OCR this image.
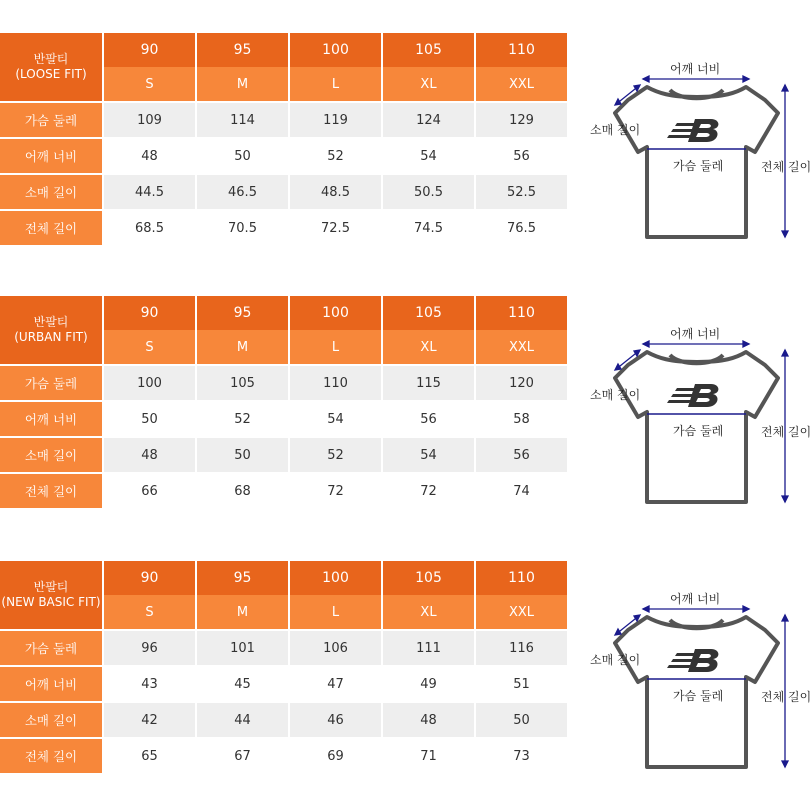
반팔티
(LOOSE FIT)	90	95	100	105	110
	S	M	L	XL	XXL

가슴 둘레	109	114	119	124	129

어깨 너비	48	50	52	54	56

소매 길이	44.5	46.5	48.5	50.5	52.5

전체 길이	68.5	70.5	72.5	74.5	76.5
어깨 너비
소매 길이
가슴 둘레	전체 길이
반팔티
(URBAN FIT)	90	95	100	105	110
	S	M	L	XL	XXL

가슴 둘레	100	105	110	115	120

어깨 너비	50	52	54	56	58

소매 길이	48	50	52	54	56

전체 길이	66	68	72	72	74
어깨 너비
소매 길이
가슴 둘레	전체 길이
반팔티
(NEW BASIC FIT)	90	95	100	105	110
	S	M	L	XL	XXL

가슴 둘레	96	101	106	111	116

어깨 너비	43	45	47	49	51

소매 길이	42	44	46	48	50

전체 길이	65	67	69	71	73
어깨 너비
소매 길이
가슴 둘레	전체 길이
